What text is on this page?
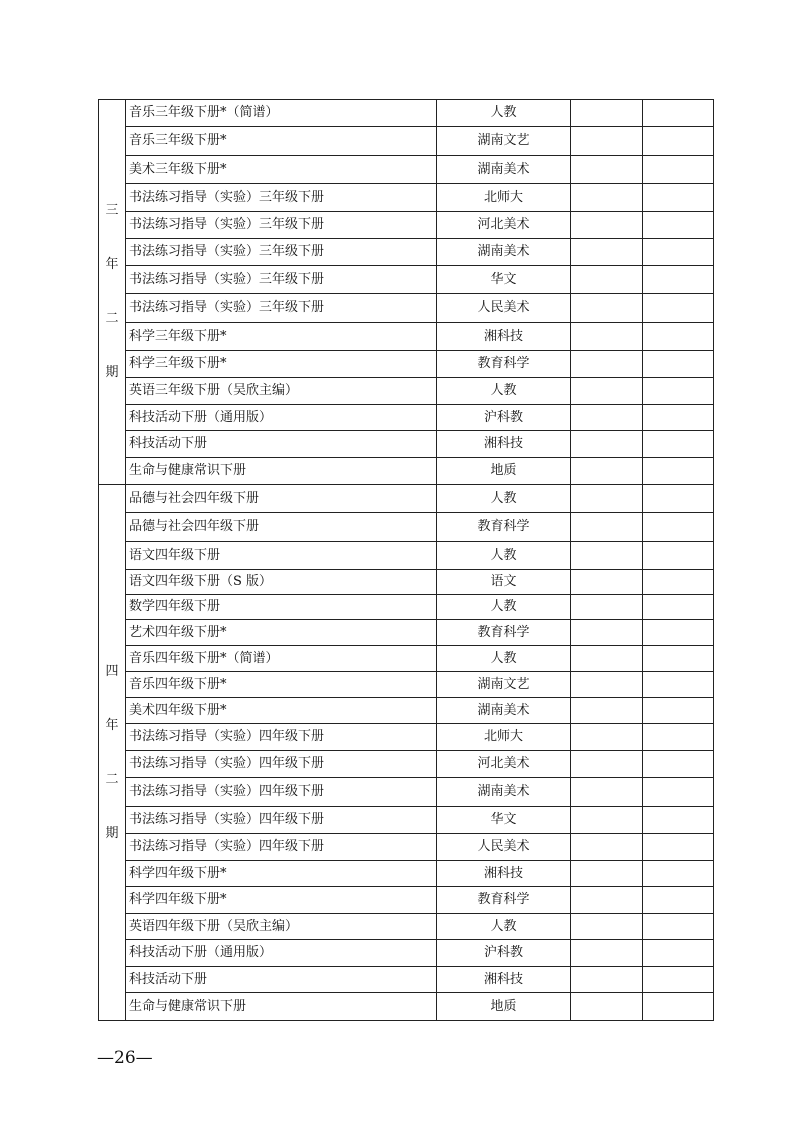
三
年
二
期	音乐三年级下册*（简谱）	人教		
	音乐三年级下册*	湖南文艺		
	美术三年级下册*	湖南美术		
	书法练习指导（实验）三年级下册	北师大		
	书法练习指导（实验）三年级下册	河北美术		
	书法练习指导（实验）三年级下册	湖南美术		
	书法练习指导（实验）三年级下册	华文		
	书法练习指导（实验）三年级下册	人民美术		
	科学三年级下册*	湘科技		
	科学三年级下册*	教育科学		
	英语三年级下册（吴欣主编）	人教		
	科技活动下册（通用版）	沪科教		
	科技活动下册	湘科技		
	生命与健康常识下册	地质		

四
年
二
期	品德与社会四年级下册	人教		
	品德与社会四年级下册	教育科学		
	语文四年级下册	人教		
	语文四年级下册（S 版）	语文		
	数学四年级下册	人教		
	艺术四年级下册*	教育科学		
	音乐四年级下册*（简谱）	人教		
	音乐四年级下册*	湖南文艺		
	美术四年级下册*	湖南美术		
	书法练习指导（实验）四年级下册	北师大		
	书法练习指导（实验）四年级下册	河北美术		
	书法练习指导（实验）四年级下册	湖南美术		
	书法练习指导（实验）四年级下册	华文		
	书法练习指导（实验）四年级下册	人民美术		
	科学四年级下册*	湘科技		
	科学四年级下册*	教育科学		
	英语四年级下册（吴欣主编）	人教		
	科技活动下册（通用版）	沪科教		
	科技活动下册	湘科技		
	生命与健康常识下册	地质		
—26—
